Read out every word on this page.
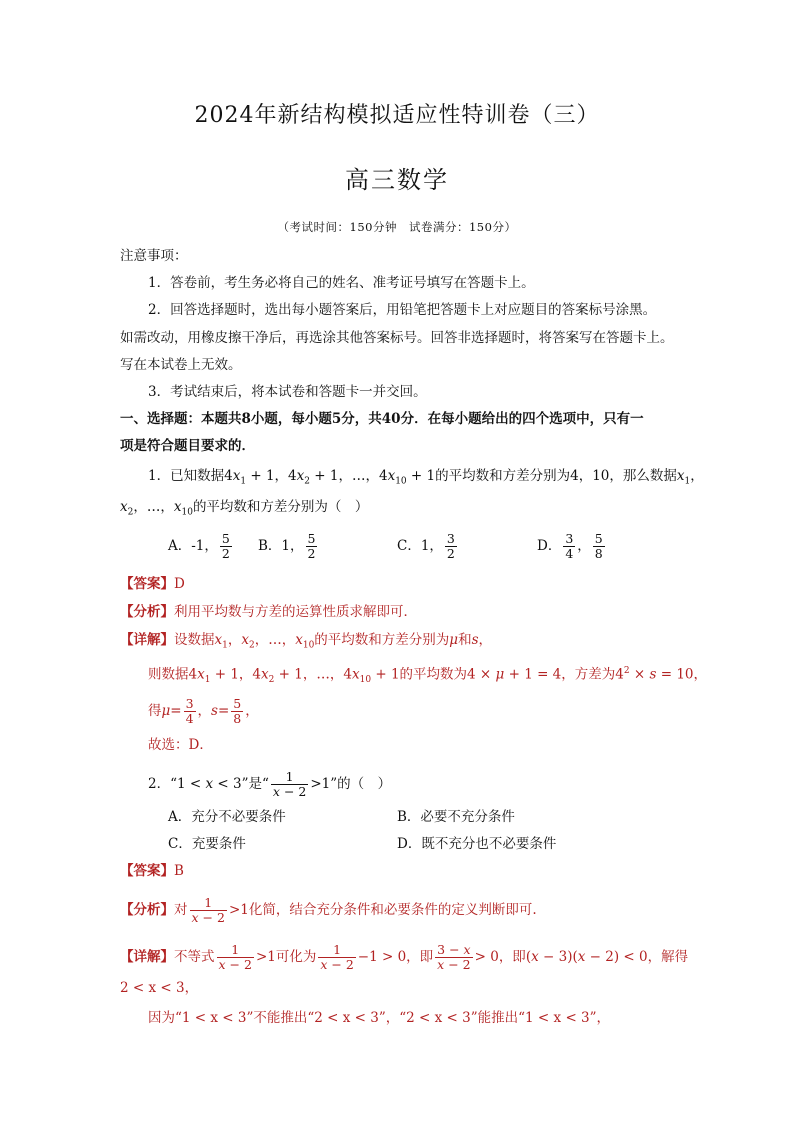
2024年新结构模拟适应性特训卷（三）
高三数学
（考试时间：150分钟　试卷满分：150分）
注意事项：
1．答卷前，考生务必将自己的姓名、准考证号填写在答题卡上。
2．回答选择题时，选出每小题答案后，用铅笔把答题卡上对应题目的答案标号涂黑。
如需改动，用橡皮擦干净后，再选涂其他答案标号。回答非选择题时，将答案写在答题卡上。
写在本试卷上无效。
3．考试结束后，将本试卷和答题卡一并交回。
一、选择题：本题共8小题，每小题5分，共40分．在每小题给出的四个选项中，只有一
项是符合题目要求的．
1．已知数据$4x_1 + 1$，$4x_2 + 1$，…，$4x_{10} + 1$的平均数和方差分别为4，10，那么数据$x_1$，
$x_2$，…，$x_{10}$的平均数和方差分别为（　）
A．-1， $\frac{5}{2}$ B．1， $\frac{5}{2}$	C．1， $\frac{3}{2}$	D． $\frac{3}{4}$ ， $\frac{5}{8}$
【答案】D
【分析】利用平均数与方差的运算性质求解即可．
【详解】设数据$x_1$，$x_2$，…，$x_{10}$的平均数和方差分别为μ和s，
则数据$4x_1 + 1$，$4x_2 + 1$，…，$4x_{10} + 1$的平均数为4 × μ + 1 = 4，方差为$4^2 \times s = 10$，
得$\mu= \frac{3}{4}$ ，$s= \frac{5}{8}$ ，
故选：D．
2．“1 < x < 3”是“ $\frac{1}{x - 2} >1$”的（　）
A．充分不必要条件	B．必要不充分条件
C．充要条件	D．既不充分也不必要条件
【答案】B
【分析】对 $\frac{1}{x - 2} >1$化简，结合充分条件和必要条件的定义判断即可.
【详解】不等式 $\frac{1}{x - 2} >1$可化为 $\frac{1}{x - 2} -1 > 0$，即 $\frac{3 - x}{x - 2} > 0$，即(x − 3)(x − 2) < 0，解得
2 < x < 3，
因为“1 < x < 3”不能推出“2 < x < 3”，“2 < x < 3”能推出“1 < x < 3”，
